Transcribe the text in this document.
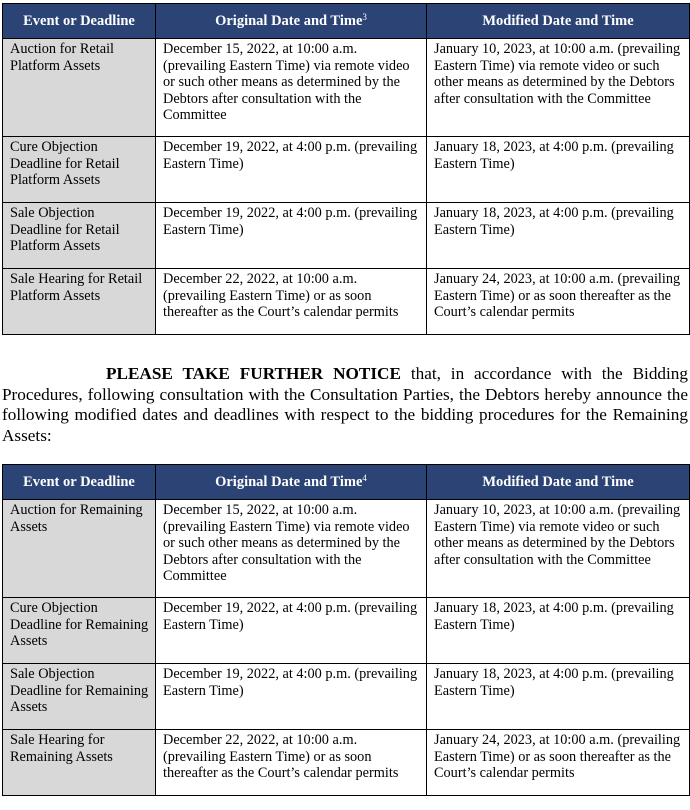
Event or Deadline	Original Date and Time$^3$	Modified Date and Time
Auction for Retail Platform Assets	December 15, 2022, at 10:00 a.m. (prevailing Eastern Time) via remote video or such other means as determined by the Debtors after consultation with the Committee	January 10, 2023, at 10:00 a.m. (prevailing Eastern Time) via remote video or such other means as determined by the Debtors after consultation with the Committee
Cure Objection Deadline for Retail Platform Assets	December 19, 2022, at 4:00 p.m. (prevailing Eastern Time)	January 18, 2023, at 4:00 p.m. (prevailing Eastern Time)
Sale Objection Deadline for Retail Platform Assets	December 19, 2022, at 4:00 p.m. (prevailing Eastern Time)	January 18, 2023, at 4:00 p.m. (prevailing Eastern Time)
Sale Hearing for Retail Platform Assets	December 22, 2022, at 10:00 a.m. (prevailing Eastern Time) or as soon thereafter as the Court’s calendar permits	January 24, 2023, at 10:00 a.m. (prevailing Eastern Time) or as soon thereafter as the Court’s calendar permits

PLEASE TAKE FURTHER NOTICE that, in accordance with the Bidding Procedures, following consultation with the Consultation Parties, the Debtors hereby announce the following modified dates and deadlines with respect to the bidding procedures for the Remaining Assets:

Event or Deadline	Original Date and Time$^4$	Modified Date and Time
Auction for Remaining Assets	December 15, 2022, at 10:00 a.m. (prevailing Eastern Time) via remote video or such other means as determined by the Debtors after consultation with the Committee	January 10, 2023, at 10:00 a.m. (prevailing Eastern Time) via remote video or such other means as determined by the Debtors after consultation with the Committee
Cure Objection Deadline for Remaining Assets	December 19, 2022, at 4:00 p.m. (prevailing Eastern Time)	January 18, 2023, at 4:00 p.m. (prevailing Eastern Time)
Sale Objection Deadline for Remaining Assets	December 19, 2022, at 4:00 p.m. (prevailing Eastern Time)	January 18, 2023, at 4:00 p.m. (prevailing Eastern Time)
Sale Hearing for Remaining Assets	December 22, 2022, at 10:00 a.m. (prevailing Eastern Time) or as soon thereafter as the Court’s calendar permits	January 24, 2023, at 10:00 a.m. (prevailing Eastern Time) or as soon thereafter as the Court’s calendar permits
